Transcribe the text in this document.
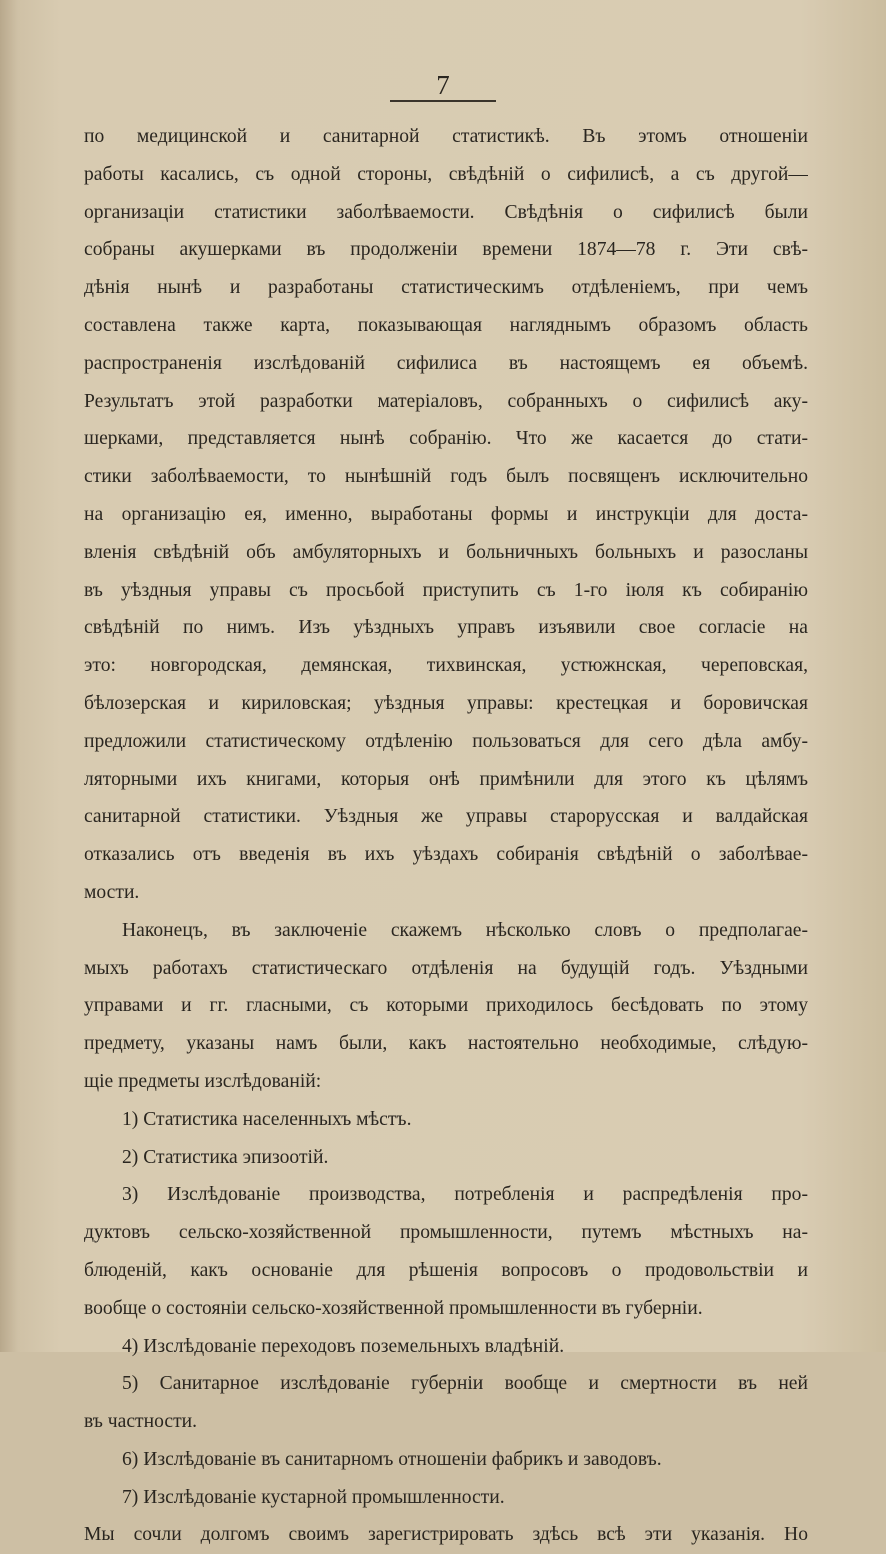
7
по медицинской и санитарной статистикѣ. Въ этомъ отношеніи
работы касались, съ одной стороны, свѣдѣній о сифилисѣ, а съ другой—
организаціи статистики заболѣваемости. Свѣдѣнія о сифилисѣ были
собраны акушерками въ продолженіи времени 1874—78 г. Эти свѣ-
дѣнія нынѣ и разработаны статистическимъ отдѣленіемъ, при чемъ
составлена также карта, показывающая нагляднымъ образомъ область
распространенія изслѣдованій сифилиса въ настоящемъ ея объемѣ.
Результатъ этой разработки матеріаловъ, собранныхъ о сифилисѣ аку-
шерками, представляется нынѣ собранію. Что же касается до стати-
стики заболѣваемости, то нынѣшній годъ былъ посвященъ исключительно
на организацію ея, именно, выработаны формы и инструкціи для доста-
вленія свѣдѣній объ амбуляторныхъ и больничныхъ больныхъ и разосланы
въ уѣздныя управы съ просьбой приступить съ 1-го іюля къ собиранію
свѣдѣній по нимъ. Изъ уѣздныхъ управъ изъявили свое согласіе на
это: новгородская, демянская, тихвинская, устюжнская, череповская,
бѣлозерская и кириловская; уѣздныя управы: крестецкая и боровичская
предложили статистическому отдѣленію пользоваться для сего дѣла амбу-
ляторными ихъ книгами, которыя онѣ примѣнили для этого къ цѣлямъ
санитарной статистики. Уѣздныя же управы старорусская и валдайская
отказались отъ введенія въ ихъ уѣздахъ собиранія свѣдѣній о заболѣвае-
мости.
Наконецъ, въ заключеніе скажемъ нѣсколько словъ о предполагае-
мыхъ работахъ статистическаго отдѣленія на будущій годъ. Уѣздными
управами и гг. гласными, съ которыми приходилось бесѣдовать по этому
предмету, указаны намъ были, какъ настоятельно необходимые, слѣдую-
щіе предметы изслѣдованій:
1) Статистика населенныхъ мѣстъ.
2) Статистика эпизоотій.
3) Изслѣдованіе производства, потребленія и распредѣленія про-
дуктовъ сельско-хозяйственной промышленности, путемъ мѣстныхъ на-
блюденій, какъ основаніе для рѣшенія вопросовъ о продовольствіи и
вообще о состояніи сельско-хозяйственной промышленности въ губерніи.
4) Изслѣдованіе переходовъ поземельныхъ владѣній.
5) Санитарное изслѣдованіе губерніи вообще и смертности въ ней
въ частности.
6) Изслѣдованіе въ санитарномъ отношеніи фабрикъ и заводовъ.
7) Изслѣдованіе кустарной промышленности.
Мы сочли долгомъ своимъ зарегистрировать здѣсь всѣ эти указанія. Но
